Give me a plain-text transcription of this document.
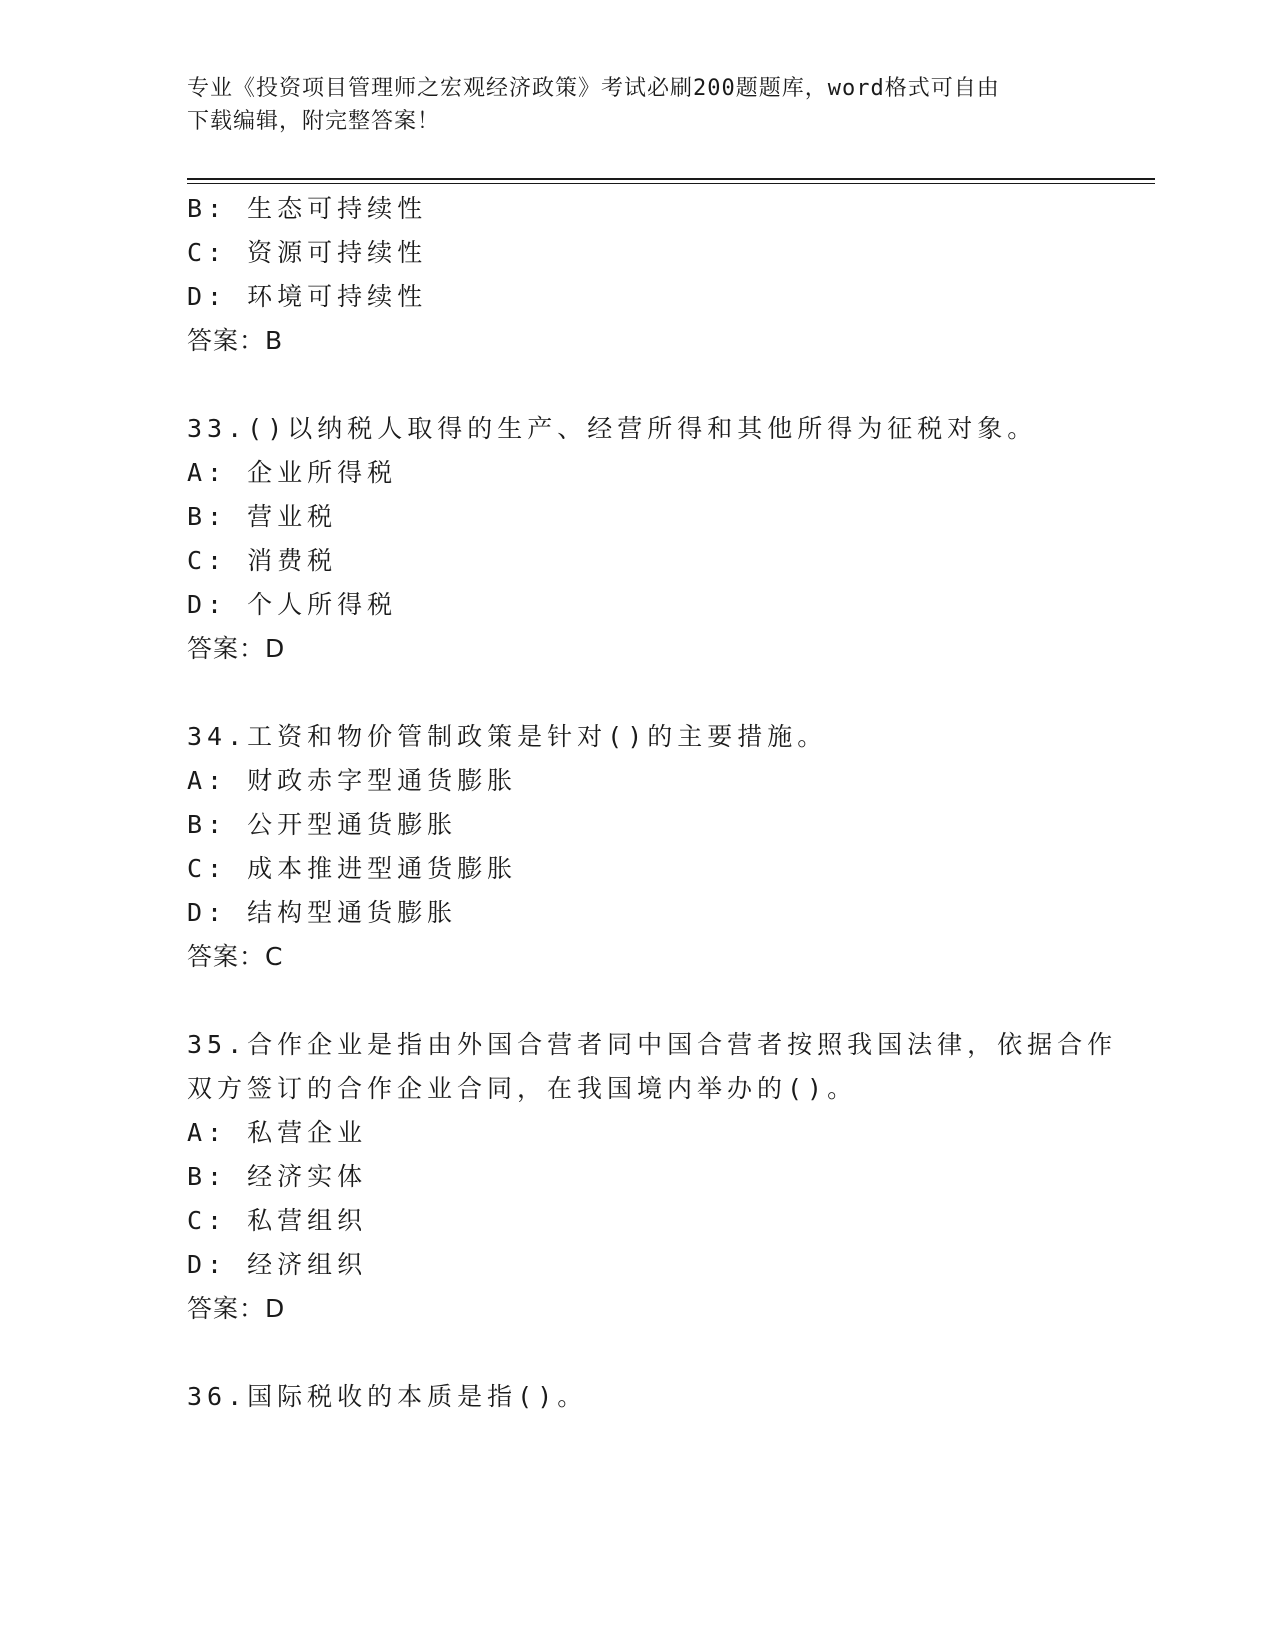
专业《投资项目管理师之宏观经济政策》考试必刷200题题库，word格式可自由
下载编辑，附完整答案！
B: 生态可持续性
C: 资源可持续性
D: 环境可持续性
答案：B
33.()以纳税人取得的生产、经营所得和其他所得为征税对象。
A: 企业所得税
B: 营业税
C: 消费税
D: 个人所得税
答案：D
34.工资和物价管制政策是针对()的主要措施。
A: 财政赤字型通货膨胀
B: 公开型通货膨胀
C: 成本推进型通货膨胀
D: 结构型通货膨胀
答案：C
35.合作企业是指由外国合营者同中国合营者按照我国法律，依据合作
双方签订的合作企业合同，在我国境内举办的()。
A: 私营企业
B: 经济实体
C: 私营组织
D: 经济组织
答案：D
36.国际税收的本质是指()。
